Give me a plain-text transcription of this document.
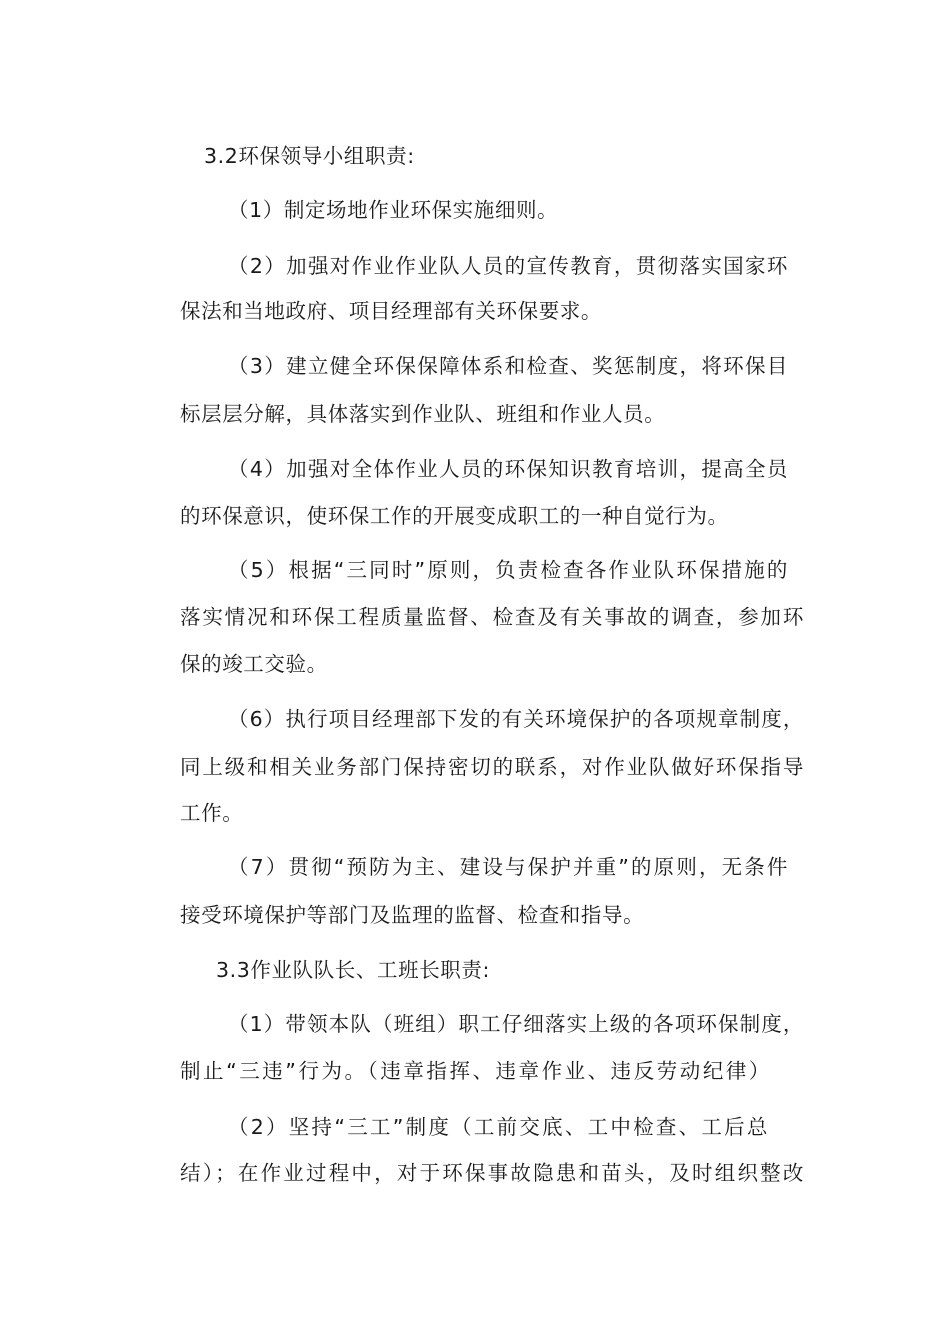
3.2环保领导小组职责:
（1）制定场地作业环保实施细则。
（2）加强对作业作业队人员的宣传教育，贯彻落实国家环
保法和当地政府、项目经理部有关环保要求。
（3）建立健全环保保障体系和检查、奖惩制度，将环保目
标层层分解，具体落实到作业队、班组和作业人员。
（4）加强对全体作业人员的环保知识教育培训，提高全员
的环保意识，使环保工作的开展变成职工的一种自觉行为。
（5）根据“三同时”原则，负责检查各作业队环保措施的
落实情况和环保工程质量监督、检查及有关事故的调查，参加环
保的竣工交验。
（6）执行项目经理部下发的有关环境保护的各项规章制度，
同上级和相关业务部门保持密切的联系，对作业队做好环保指导
工作。
（7）贯彻“预防为主、建设与保护并重”的原则，无条件
接受环境保护等部门及监理的监督、检查和指导。
3.3作业队队长、工班长职责:
（1）带领本队（班组）职工仔细落实上级的各项环保制度，
制止“三违”行为。（违章指挥、违章作业、违反劳动纪律）
（2）坚持“三工”制度（工前交底、工中检查、工后总
结）；在作业过程中，对于环保事故隐患和苗头，及时组织整改
